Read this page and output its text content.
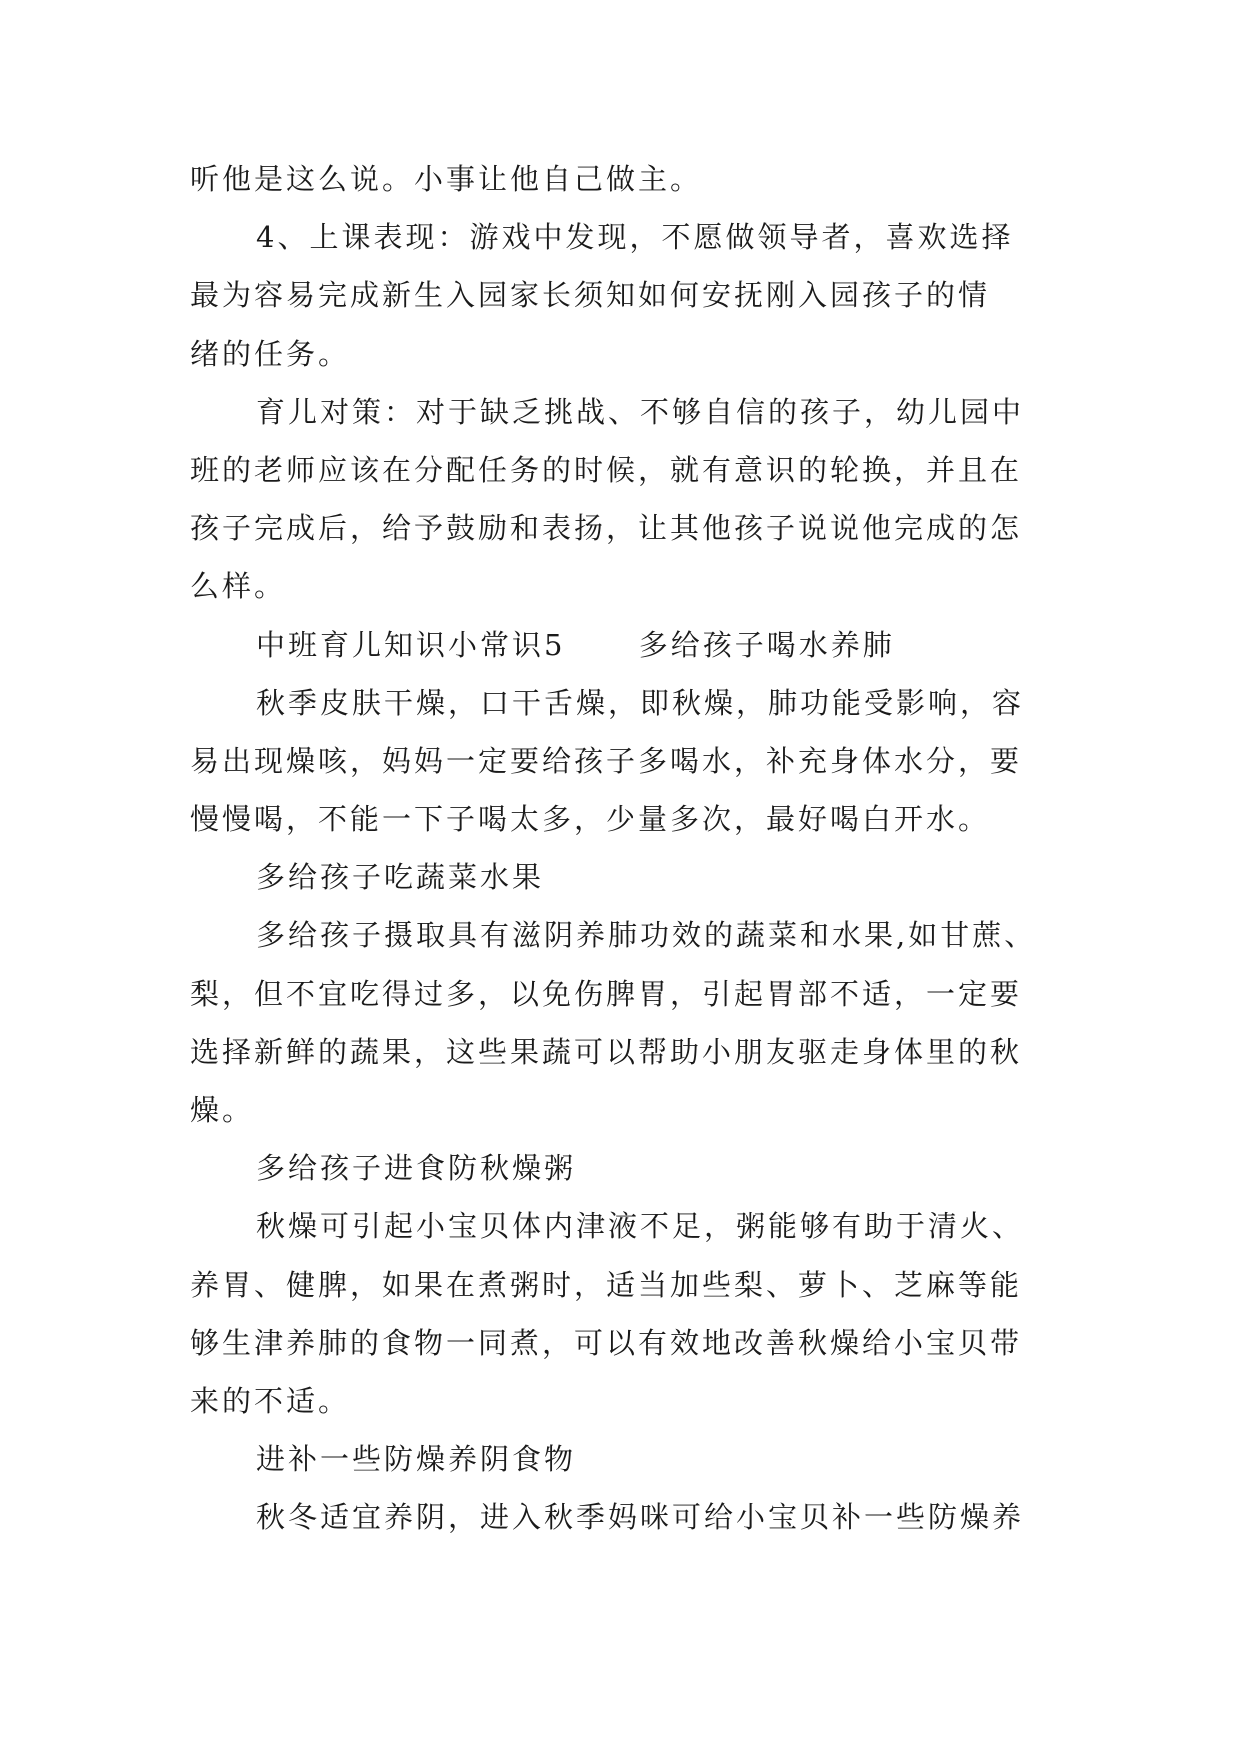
听他是这么说。小事让他自己做主。
4、上课表现：游戏中发现，不愿做领导者，喜欢选择
最为容易完成新生入园家长须知如何安抚刚入园孩子的情
绪的任务。
育儿对策：对于缺乏挑战、不够自信的孩子，幼儿园中
班的老师应该在分配任务的时候，就有意识的轮换，并且在
孩子完成后，给予鼓励和表扬，让其他孩子说说他完成的怎
么样。
中班育儿知识小常识5      多给孩子喝水养肺
秋季皮肤干燥，口干舌燥，即秋燥，肺功能受影响，容
易出现燥咳，妈妈一定要给孩子多喝水，补充身体水分，要
慢慢喝，不能一下子喝太多，少量多次，最好喝白开水。
多给孩子吃蔬菜水果
多给孩子摄取具有滋阴养肺功效的蔬菜和水果,如甘蔗、
梨，但不宜吃得过多，以免伤脾胃，引起胃部不适，一定要
选择新鲜的蔬果，这些果蔬可以帮助小朋友驱走身体里的秋
燥。
多给孩子进食防秋燥粥
秋燥可引起小宝贝体内津液不足，粥能够有助于清火、
养胃、健脾，如果在煮粥时，适当加些梨、萝卜、芝麻等能
够生津养肺的食物一同煮，可以有效地改善秋燥给小宝贝带
来的不适。
进补一些防燥养阴食物
秋冬适宜养阴，进入秋季妈咪可给小宝贝补一些防燥养
